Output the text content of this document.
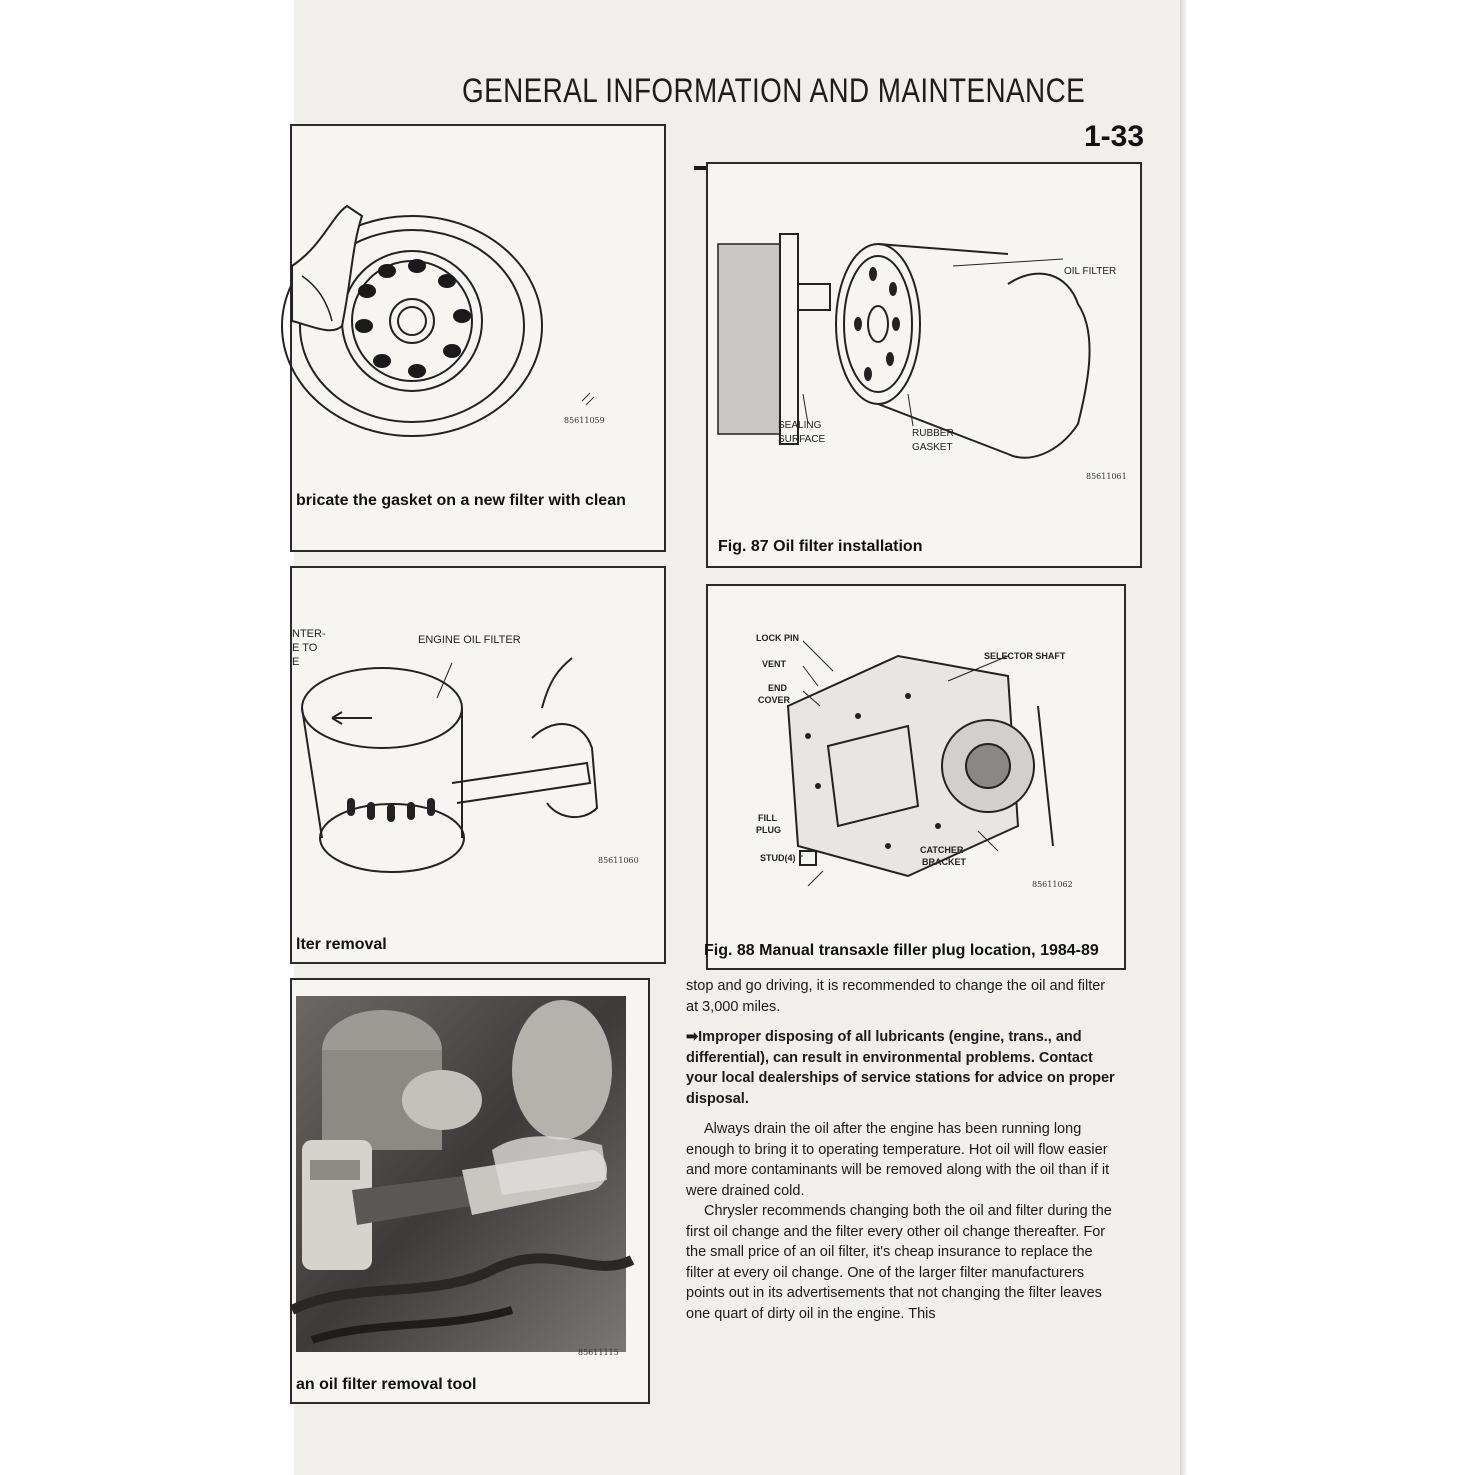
GENERAL INFORMATION AND MAINTENANCE
1-33
85611059
bricate the gasket on a new filter with clean
OIL FILTER
SEALING
SURFACE
RUBBER
GASKET
85611061
Fig. 87 Oil filter installation
NTER-
E TO
E
ENGINE OIL FILTER
85611060
lter removal
LOCK PIN
VENT
END
COVER
SELECTOR SHAFT
FILL
PLUG
STUD(4)
CATCHER
BRACKET
85611062
Fig. 88 Manual transaxle filler plug location, 1984-89
85611115
an oil filter removal tool

stop and go driving, it is recommended to change the oil and filter at 3,000 miles.

➡Improper disposing of all lubricants (engine, trans., and differential), can result in environmental problems. Contact your local dealerships of service stations for advice on proper disposal.

Always drain the oil after the engine has been running long enough to bring it to operating temperature. Hot oil will flow easier and more contaminants will be removed along with the oil than if it were drained cold.

Chrysler recommends changing both the oil and filter during the first oil change and the filter every other oil change thereafter. For the small price of an oil filter, it's cheap insurance to replace the filter at every oil change. One of the larger filter manufacturers points out in its advertisements that not changing the filter leaves one quart of dirty oil in the engine. This
